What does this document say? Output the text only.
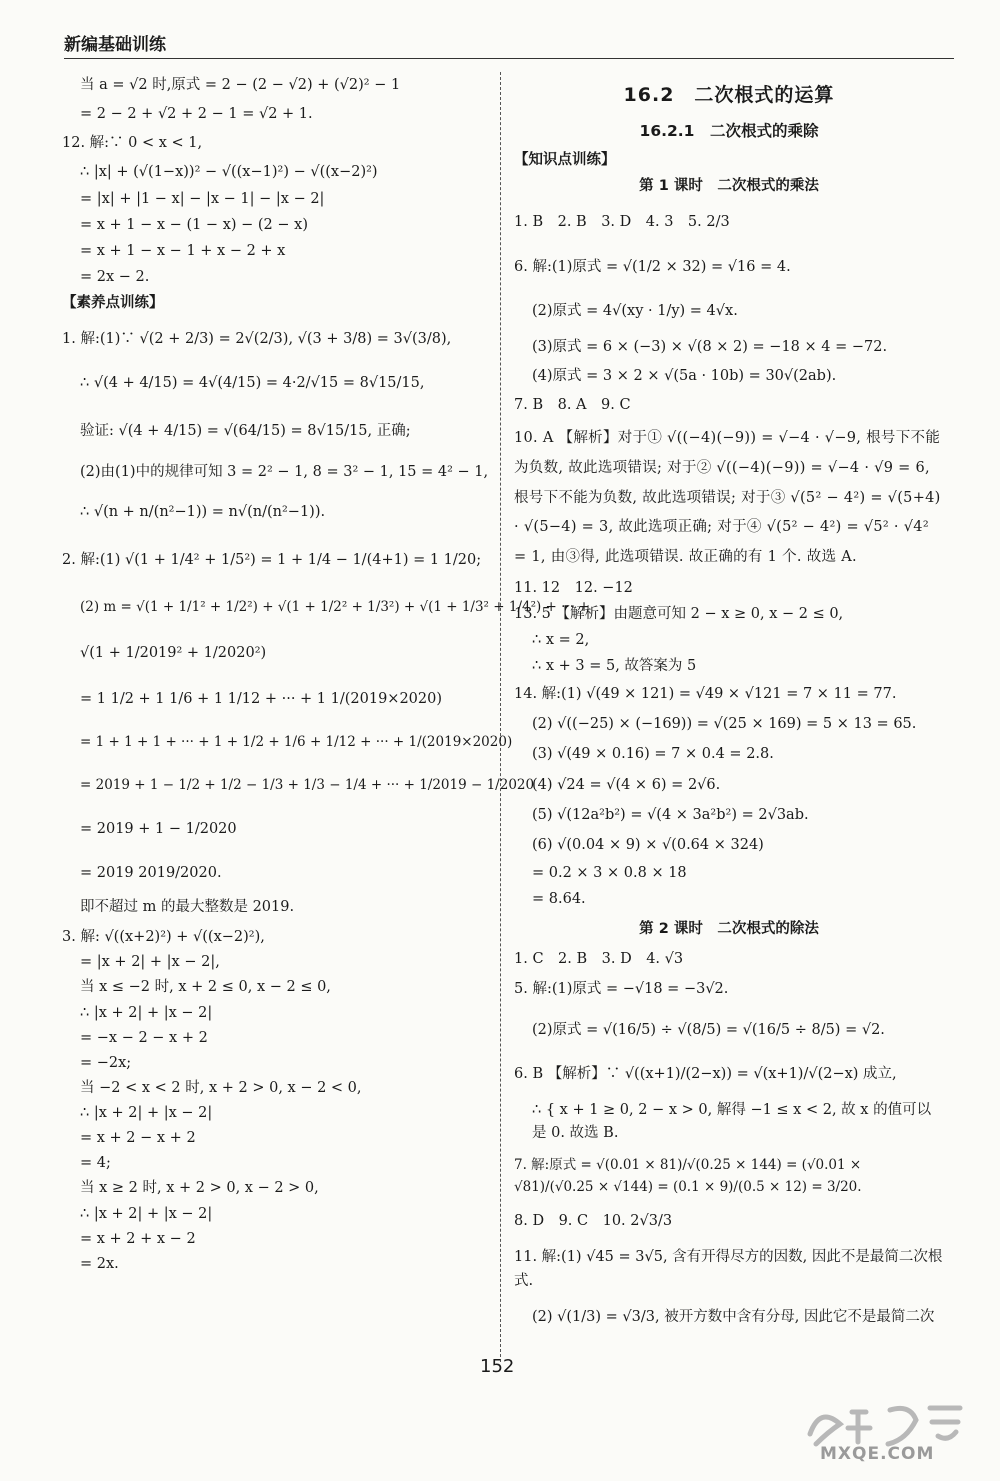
新编基础训练

当 a = √2 时,原式 = 2 − (2 − √2) + (√2)² − 1

= 2 − 2 + √2 + 2 − 1 = √2 + 1.

12. 解:∵ 0 < x < 1,

∴ |x| + (√(1−x))² − √((x−1)²) − √((x−2)²)

= |x| + |1 − x| − |x − 1| − |x − 2|

= x + 1 − x − (1 − x) − (2 − x)

= x + 1 − x − 1 + x − 2 + x

= 2x − 2.

【素养点训练】

1. 解:(1)∵ √(2 + 2/3) = 2√(2/3), √(3 + 3/8) = 3√(3/8),

∴ √(4 + 4/15) = 4√(4/15) = 4·2/√15 = 8√15/15,

验证: √(4 + 4/15) = √(64/15) = 8√15/15, 正确;

(2)由(1)中的规律可知 3 = 2² − 1, 8 = 3² − 1, 15 = 4² − 1,

∴ √(n + n/(n²−1)) = n√(n/(n²−1)).

2. 解:(1) √(1 + 1/4² + 1/5²) = 1 + 1/4 − 1/(4+1) = 1 1/20;

(2) m = √(1 + 1/1² + 1/2²) + √(1 + 1/2² + 1/3²) + √(1 + 1/3² + 1/4²) + ··· +

√(1 + 1/2019² + 1/2020²)

= 1 1/2 + 1 1/6 + 1 1/12 + ··· + 1 1/(2019×2020)

= 1 + 1 + 1 + ··· + 1 + 1/2 + 1/6 + 1/12 + ··· + 1/(2019×2020)

= 2019 + 1 − 1/2 + 1/2 − 1/3 + 1/3 − 1/4 + ··· + 1/2019 − 1/2020

= 2019 + 1 − 1/2020

= 2019 2019/2020.

即不超过 m 的最大整数是 2019.

3. 解: √((x+2)²) + √((x−2)²),

= |x + 2| + |x − 2|,

当 x ≤ −2 时, x + 2 ≤ 0, x − 2 ≤ 0,

∴ |x + 2| + |x − 2|

= −x − 2 − x + 2

= −2x;

当 −2 < x < 2 时, x + 2 > 0, x − 2 < 0,

∴ |x + 2| + |x − 2|

= x + 2 − x + 2

= 4;

当 x ≥ 2 时, x + 2 > 0, x − 2 > 0,

∴ |x + 2| + |x − 2|

= x + 2 + x − 2

= 2x.

16.2　二次根式的运算

16.2.1　二次根式的乘除

【知识点训练】

第 1 课时　二次根式的乘法

1. B　2. B　3. D　4. 3　5. 2/3

6. 解:(1)原式 = √(1/2 × 32) = √16 = 4.

(2)原式 = 4√(xy · 1/y) = 4√x.

(3)原式 = 6 × (−3) × √(8 × 2) = −18 × 4 = −72.

(4)原式 = 3 × 2 × √(5a · 10b) = 30√(2ab).

7. B　8. A　9. C

10. A 【解析】对于① √((−4)(−9)) = √−4 · √−9, 根号下不能为负数, 故此选项错误; 对于② √((−4)(−9)) = √−4 · √9 = 6, 根号下不能为负数, 故此选项错误; 对于③ √(5² − 4²) = √(5+4) · √(5−4) = 3, 故此选项正确; 对于④ √(5² − 4²) = √5² · √4² = 1, 由③得, 此选项错误. 故正确的有 1 个. 故选 A.

11. 12　12. −12

13. 5 【解析】由题意可知 2 − x ≥ 0, x − 2 ≤ 0,

∴ x = 2,

∴ x + 3 = 5, 故答案为 5

14. 解:(1) √(49 × 121) = √49 × √121 = 7 × 11 = 77.

(2) √((−25) × (−169)) = √(25 × 169) = 5 × 13 = 65.

(3) √(49 × 0.16) = 7 × 0.4 = 2.8.

(4) √24 = √(4 × 6) = 2√6.

(5) √(12a²b²) = √(4 × 3a²b²) = 2√3ab.

(6) √(0.04 × 9) × √(0.64 × 324)

= 0.2 × 3 × 0.8 × 18

= 8.64.

第 2 课时　二次根式的除法

1. C　2. B　3. D　4. √3

5. 解:(1)原式 = −√18 = −3√2.

(2)原式 = √(16/5) ÷ √(8/5) = √(16/5 ÷ 8/5) = √2.

6. B 【解析】∵ √((x+1)/(2−x)) = √(x+1)/√(2−x) 成立,

∴ { x + 1 ≥ 0, 2 − x > 0, 解得 −1 ≤ x < 2, 故 x 的值可以是 0. 故选 B.

7. 解:原式 = √(0.01 × 81)/√(0.25 × 144) = (√0.01 × √81)/(√0.25 × √144) = (0.1 × 9)/(0.5 × 12) = 3/20.

8. D　9. C　10. 2√3/3

11. 解:(1) √45 = 3√5, 含有开得尽方的因数, 因此不是最简二次根式.

(2) √(1/3) = √3/3, 被开方数中含有分母, 因此它不是最简二次

152
MXQE.COM
